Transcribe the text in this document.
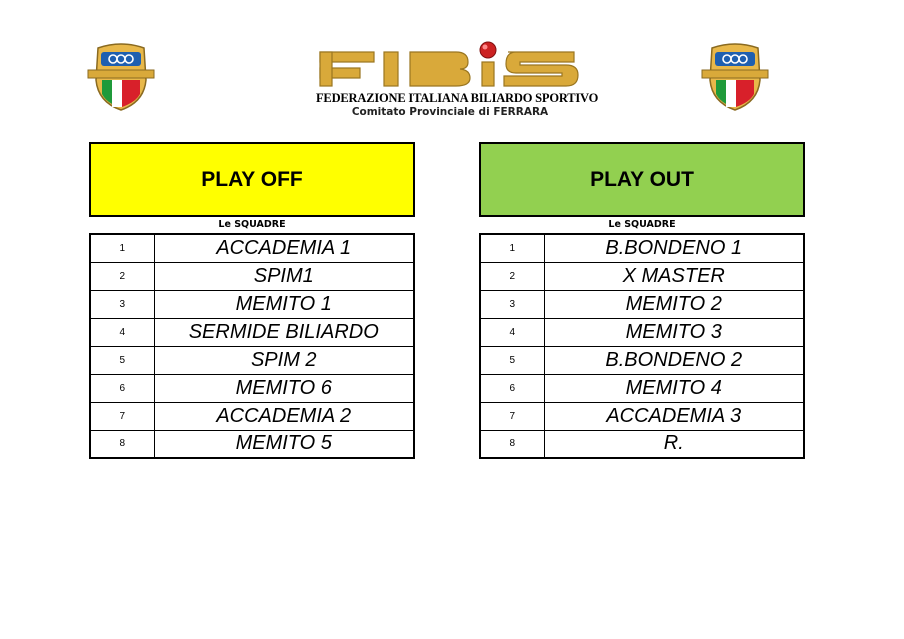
FEDERAZIONE ITALIANA BILIARDO SPORTIVO
Comitato Provinciale di FERRARA
PLAY OFF
Le SQUADRE
1	ACCADEMIA 1
2	SPIM1
3	MEMITO 1
4	SERMIDE BILIARDO
5	SPIM 2
6	MEMITO 6
7	ACCADEMIA 2
8	MEMITO 5
PLAY OUT
Le SQUADRE
1	B.BONDENO 1
2	X MASTER
3	MEMITO 2
4	MEMITO 3
5	B.BONDENO 2
6	MEMITO 4
7	ACCADEMIA 3
8	R.
